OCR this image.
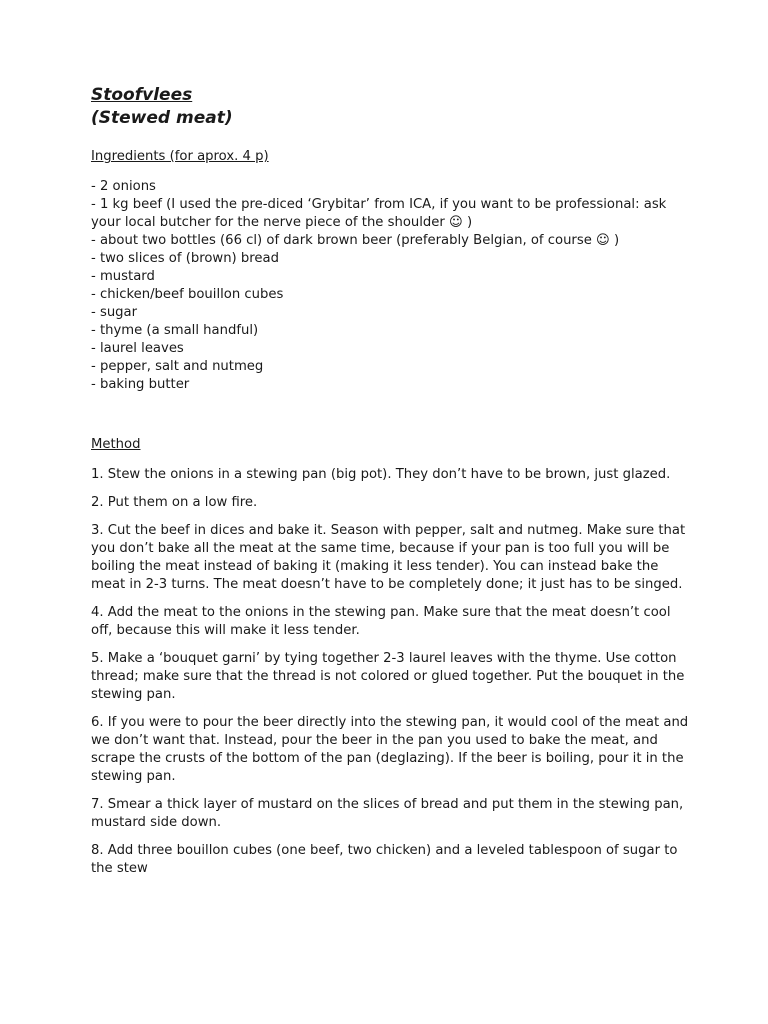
Stoofvlees
(Stewed meat)

Ingredients (for aprox. 4 p)

- 2 onions
- 1 kg beef (I used the pre-diced ‘Grybitar’ from ICA, if you want to be professional: ask your local butcher for the nerve piece of the shoulder ☺ )
- about two bottles (66 cl) of dark brown beer (preferably Belgian, of course ☺ )
- two slices of (brown) bread
- mustard
- chicken/beef bouillon cubes
- sugar
- thyme (a small handful)
- laurel leaves
- pepper, salt and nutmeg
- baking butter

Method

1. Stew the onions in a stewing pan (big pot). They don’t have to be brown, just glazed.

2. Put them on a low fire.

3. Cut the beef in dices and bake it. Season with pepper, salt and nutmeg. Make sure that you don’t bake all the meat at the same time, because if your pan is too full you will be boiling the meat instead of baking it (making it less tender). You can instead bake the meat in 2-3 turns. The meat doesn’t have to be completely done; it just has to be singed.

4. Add the meat to the onions in the stewing pan. Make sure that the meat doesn’t cool off, because this will make it less tender.

5. Make a ‘bouquet garni’ by tying together 2-3 laurel leaves with the thyme. Use cotton thread; make sure that the thread is not colored or glued together. Put the bouquet in the stewing pan.

6. If you were to pour the beer directly into the stewing pan, it would cool of the meat and we don’t want that. Instead, pour the beer in the pan you used to bake the meat, and scrape the crusts of the bottom of the pan (deglazing). If the beer is boiling, pour it in the stewing pan.

7. Smear a thick layer of mustard on the slices of bread and put them in the stewing pan, mustard side down.

8. Add three bouillon cubes (one beef, two chicken) and a leveled tablespoon of sugar to the stew
